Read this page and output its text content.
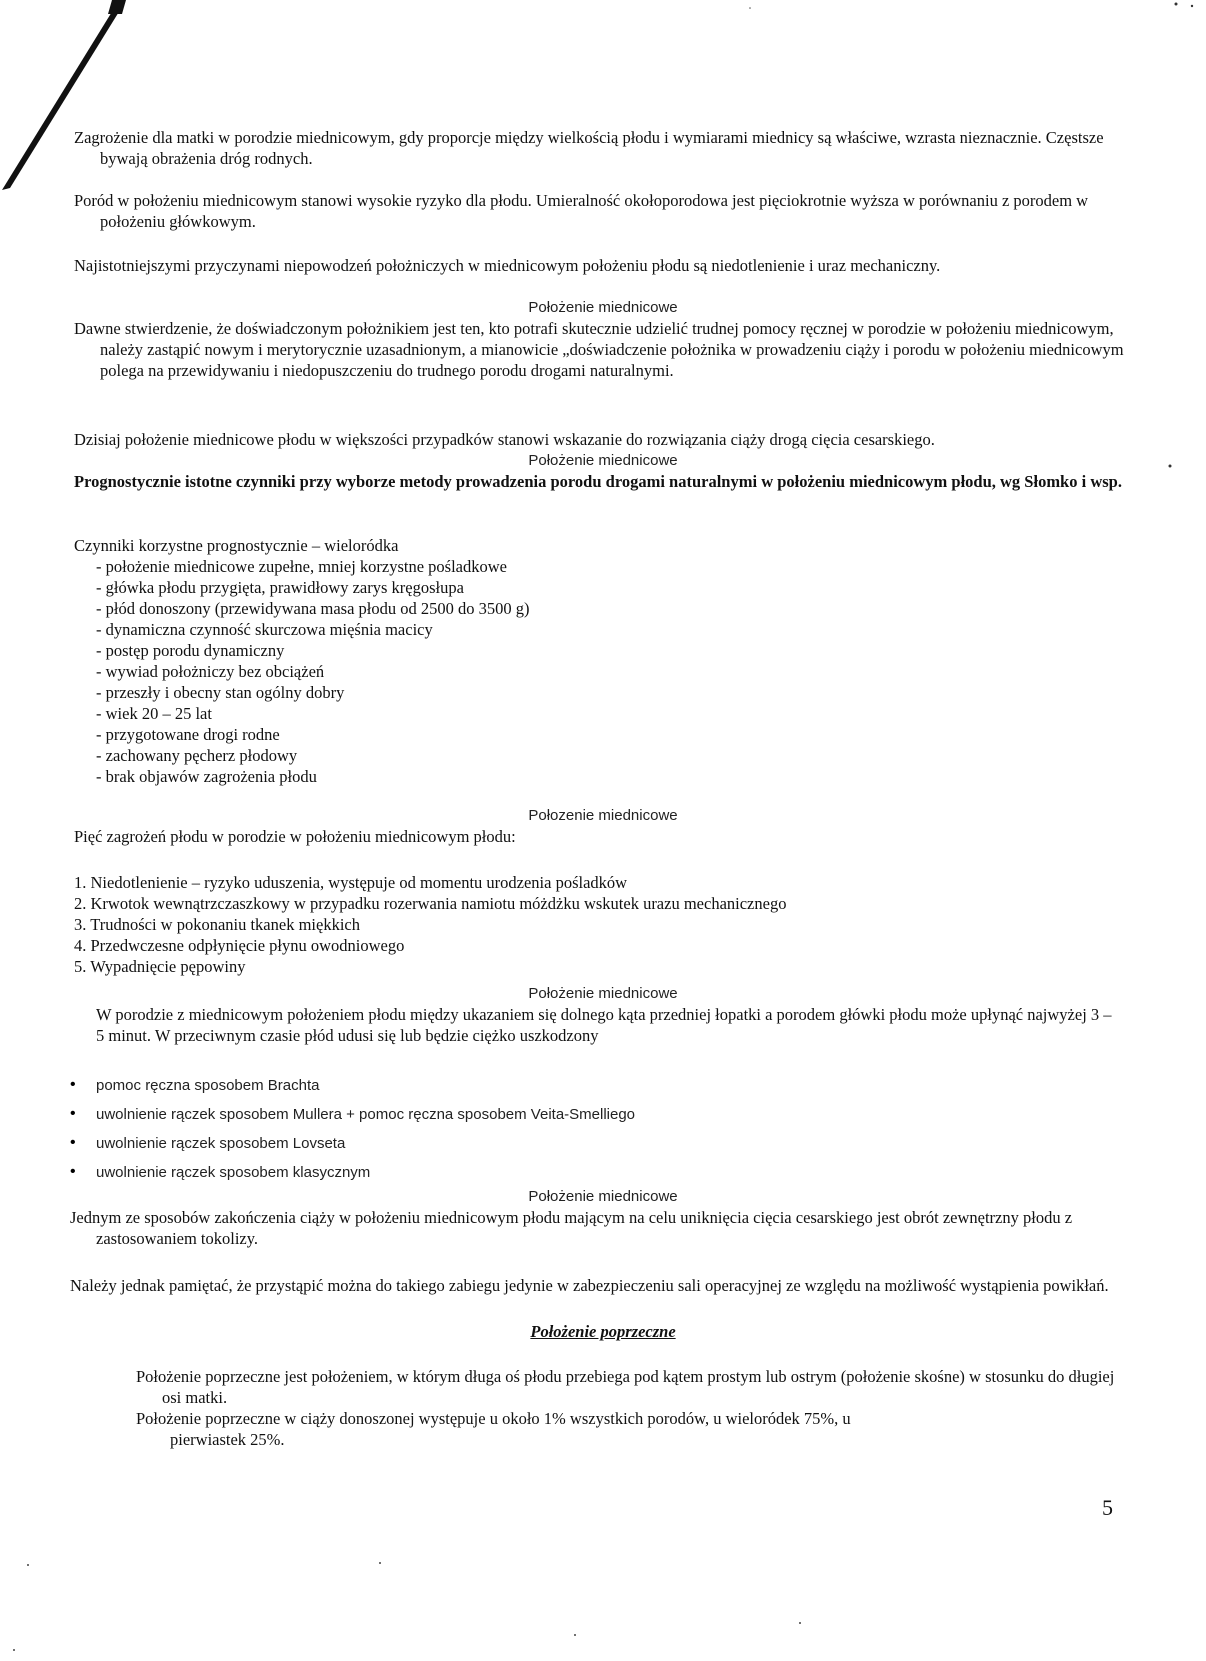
Zagrożenie dla matki w porodzie miednicowym, gdy proporcje między wielkością płodu i wymiarami miednicy są właściwe, wzrasta nieznacznie. Częstsze bywają obrażenia dróg rodnych.

Poród w położeniu miednicowym stanowi wysokie ryzyko dla płodu. Umieralność okołoporodowa jest pięciokrotnie wyższa w porównaniu z porodem w położeniu główkowym.

Najistotniejszymi przyczynami niepowodzeń położniczych w miednicowym położeniu płodu są niedotlenienie i uraz mechaniczny.

Położenie miednicowe

Dawne stwierdzenie, że doświadczonym położnikiem jest ten, kto potrafi skutecznie udzielić trudnej pomocy ręcznej w porodzie w położeniu miednicowym, należy zastąpić nowym i merytorycznie uzasadnionym, a mianowicie „doświadczenie położnika w prowadzeniu ciąży i porodu w położeniu miednicowym polega na przewidywaniu i niedopuszczeniu do trudnego porodu drogami naturalnymi.

Dzisiaj położenie miednicowe płodu w większości przypadków stanowi wskazanie do rozwiązania ciąży drogą cięcia cesarskiego.

Położenie miednicowe

Prognostycznie istotne czynniki przy wyborze metody prowadzenia porodu drogami naturalnymi w położeniu miednicowym płodu, wg Słomko i wsp.

Czynniki korzystne prognostycznie – wieloródka

- położenie miednicowe zupełne, mniej korzystne pośladkowe
- główka płodu przygięta, prawidłowy zarys kręgosłupa
- płód donoszony (przewidywana masa płodu od 2500 do 3500 g)
- dynamiczna czynność skurczowa mięśnia macicy
- postęp porodu dynamiczny
- wywiad położniczy bez obciążeń
- przeszły i obecny stan ogólny dobry
- wiek 20 – 25 lat
- przygotowane drogi rodne
- zachowany pęcherz płodowy
- brak objawów zagrożenia płodu
Połozenie miednicowe

Pięć zagrożeń płodu w porodzie w położeniu miednicowym płodu:

1. Niedotlenienie – ryzyko uduszenia, występuje od momentu urodzenia pośladków
2. Krwotok wewnątrzczaszkowy w przypadku rozerwania namiotu móżdżku wskutek urazu mechanicznego
3. Trudności w pokonaniu tkanek miękkich
4. Przedwczesne odpłynięcie płynu owodniowego
5. Wypadnięcie pępowiny
Położenie miednicowe

W porodzie z miednicowym położeniem płodu między ukazaniem się dolnego kąta przedniej łopatki a porodem główki płodu może upłynąć najwyżej 3 – 5 minut. W przeciwnym czasie płód udusi się lub będzie ciężko uszkodzony

• pomoc ręczna sposobem Brachta
• uwolnienie rączek sposobem Mullera + pomoc ręczna sposobem Veita-Smelliego
• uwolnienie rączek sposobem Lovseta
• uwolnienie rączek sposobem klasycznym
Położenie miednicowe

Jednym ze sposobów zakończenia ciąży w położeniu miednicowym płodu mającym na celu uniknięcia cięcia cesarskiego jest obrót zewnętrzny płodu z zastosowaniem tokolizy.

Należy jednak pamiętać, że przystąpić można do takiego zabiegu jedynie w zabezpieczeniu sali operacyjnej ze względu na możliwość wystąpienia powikłań.

Położenie poprzeczne

Położenie poprzeczne jest położeniem, w którym długa oś płodu przebiega pod kątem prostym lub ostrym (położenie skośne) w stosunku do długiej osi matki.

Położenie poprzeczne w ciąży donoszonej występuje u około 1% wszystkich porodów, u wieloródek 75%, u pierwiastek 25%.

5
